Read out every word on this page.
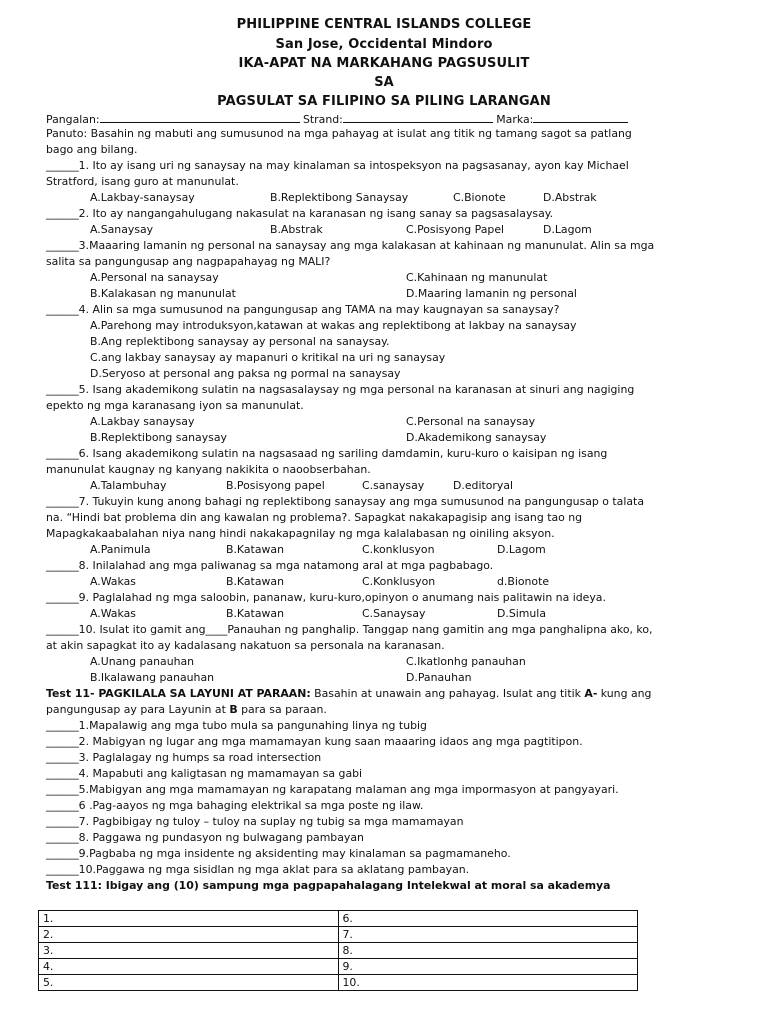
PHILIPPINE CENTRAL ISLANDS COLLEGE
San Jose, Occidental Mindoro
IKA-APAT NA MARKAHANG PAGSUSULIT
SA
PAGSULAT SA FILIPINO SA PILING LARANGAN
Pangalan:	Strand:	Marka:
Panuto: Basahin ng mabuti ang sumusunod na mga pahayag at isulat ang titik ng tamang sagot sa patlang
bago ang bilang.
______1. Ito ay isang uri ng sanaysay na may kinalaman sa intospeksyon na pagsasanay, ayon kay Michael
Stratford, isang guro at manunulat.
A.Lakbay-sanaysay	B.Replektibong Sanaysay	C.Bionote	D.Abstrak
______2. Ito ay nangangahulugang nakasulat na karanasan ng isang sanay sa pagsasalaysay.
A.Sanaysay	B.Abstrak	C.Posisyong Papel	D.Lagom
______3.Maaaring lamanin ng personal na sanaysay ang mga kalakasan at kahinaan ng manunulat. Alin sa mga
salita sa pangungusap ang nagpapahayag ng MALI?
A.Personal na sanaysay	C.Kahinaan ng manunulat
B.Kalakasan ng manunulat	D.Maaring lamanin ng personal
______4. Alin sa mga sumusunod na pangungusap ang TAMA na may kaugnayan sa sanaysay?
A.Parehong may introduksyon,katawan at wakas ang replektibong at lakbay na sanaysay
B.Ang replektibong sanaysay ay personal na sanaysay.
C.ang lakbay sanaysay ay mapanuri o kritikal na uri ng sanaysay
D.Seryoso at personal ang paksa ng pormal na sanaysay
______5. Isang akademikong sulatin na nagsasalaysay ng mga personal na karanasan at sinuri ang nagiging
epekto ng mga karanasang iyon sa manunulat.
A.Lakbay sanaysay	C.Personal na sanaysay
B.Replektibong sanaysay	D.Akademikong sanaysay
______6. Isang akademikong sulatin na nagsasaad ng sariling damdamin, kuru-kuro o kaisipan ng isang
manunulat kaugnay ng kanyang nakikita o naoobserbahan.
A.Talambuhay	B.Posisyong papel	C.sanaysay	D.editoryal
______7. Tukuyin kung anong bahagi ng replektibong sanaysay ang mga sumusunod na pangungusap o talata
na. “Hindi bat problema din ang kawalan ng problema?. Sapagkat nakakapagisip ang isang tao ng
Mapagkakaabalahan niya nang hindi nakakapagnilay ng mga kalalabasan ng oiniling aksyon.
A.Panimula	B.Katawan	C.konklusyon	D.Lagom
______8. Inilalahad ang mga paliwanag sa mga natamong aral at mga pagbabago.
A.Wakas	B.Katawan	C.Konklusyon	d.Bionote
______9. Paglalahad ng mga saloobin, pananaw, kuru-kuro,opinyon o anumang nais palitawin na ideya.
A.Wakas	B.Katawan	C.Sanaysay	D.Simula
______10. Isulat ito gamit ang____Panauhan ng panghalip. Tanggap nang gamitin ang mga panghalipna ako, ko,
at akin sapagkat ito ay kadalasang nakatuon sa personala na karanasan.
A.Unang panauhan	C.Ikatlonhg panauhan
B.Ikalawang panauhan	D.Panauhan
Test 11- PAGKILALA SA LAYUNI AT PARAAN: Basahin at unawain ang pahayag. Isulat ang titik A- kung ang
pangungusap ay para Layunin at B para sa paraan.
______1.Mapalawig ang mga tubo mula sa pangunahing linya ng tubig
______2. Mabigyan ng lugar ang mga mamamayan kung saan maaaring idaos ang mga pagtitipon.
______3. Paglalagay ng humps sa road intersection
______4. Mapabuti ang kaligtasan ng mamamayan sa gabi
______5.Mabigyan ang mga mamamayan ng karapatang malaman ang mga impormasyon at pangyayari.
______6 .Pag-aayos ng mga bahaging elektrikal sa mga poste ng ilaw.
______7. Pagbibigay ng tuloy – tuloy na suplay ng tubig sa mga mamamayan
______8. Paggawa ng pundasyon ng bulwagang pambayan
______9.Pagbaba ng mga insidente ng aksidenting may kinalaman sa pagmamaneho.
______10.Paggawa ng mga sisidlan ng mga aklat para sa aklatang pambayan.
Test 111: Ibigay ang (10) sampung mga pagpapahalagang Intelekwal at moral sa akademya
1.	6.
2.	7.
3.	8.
4.	9.
5.	10.
